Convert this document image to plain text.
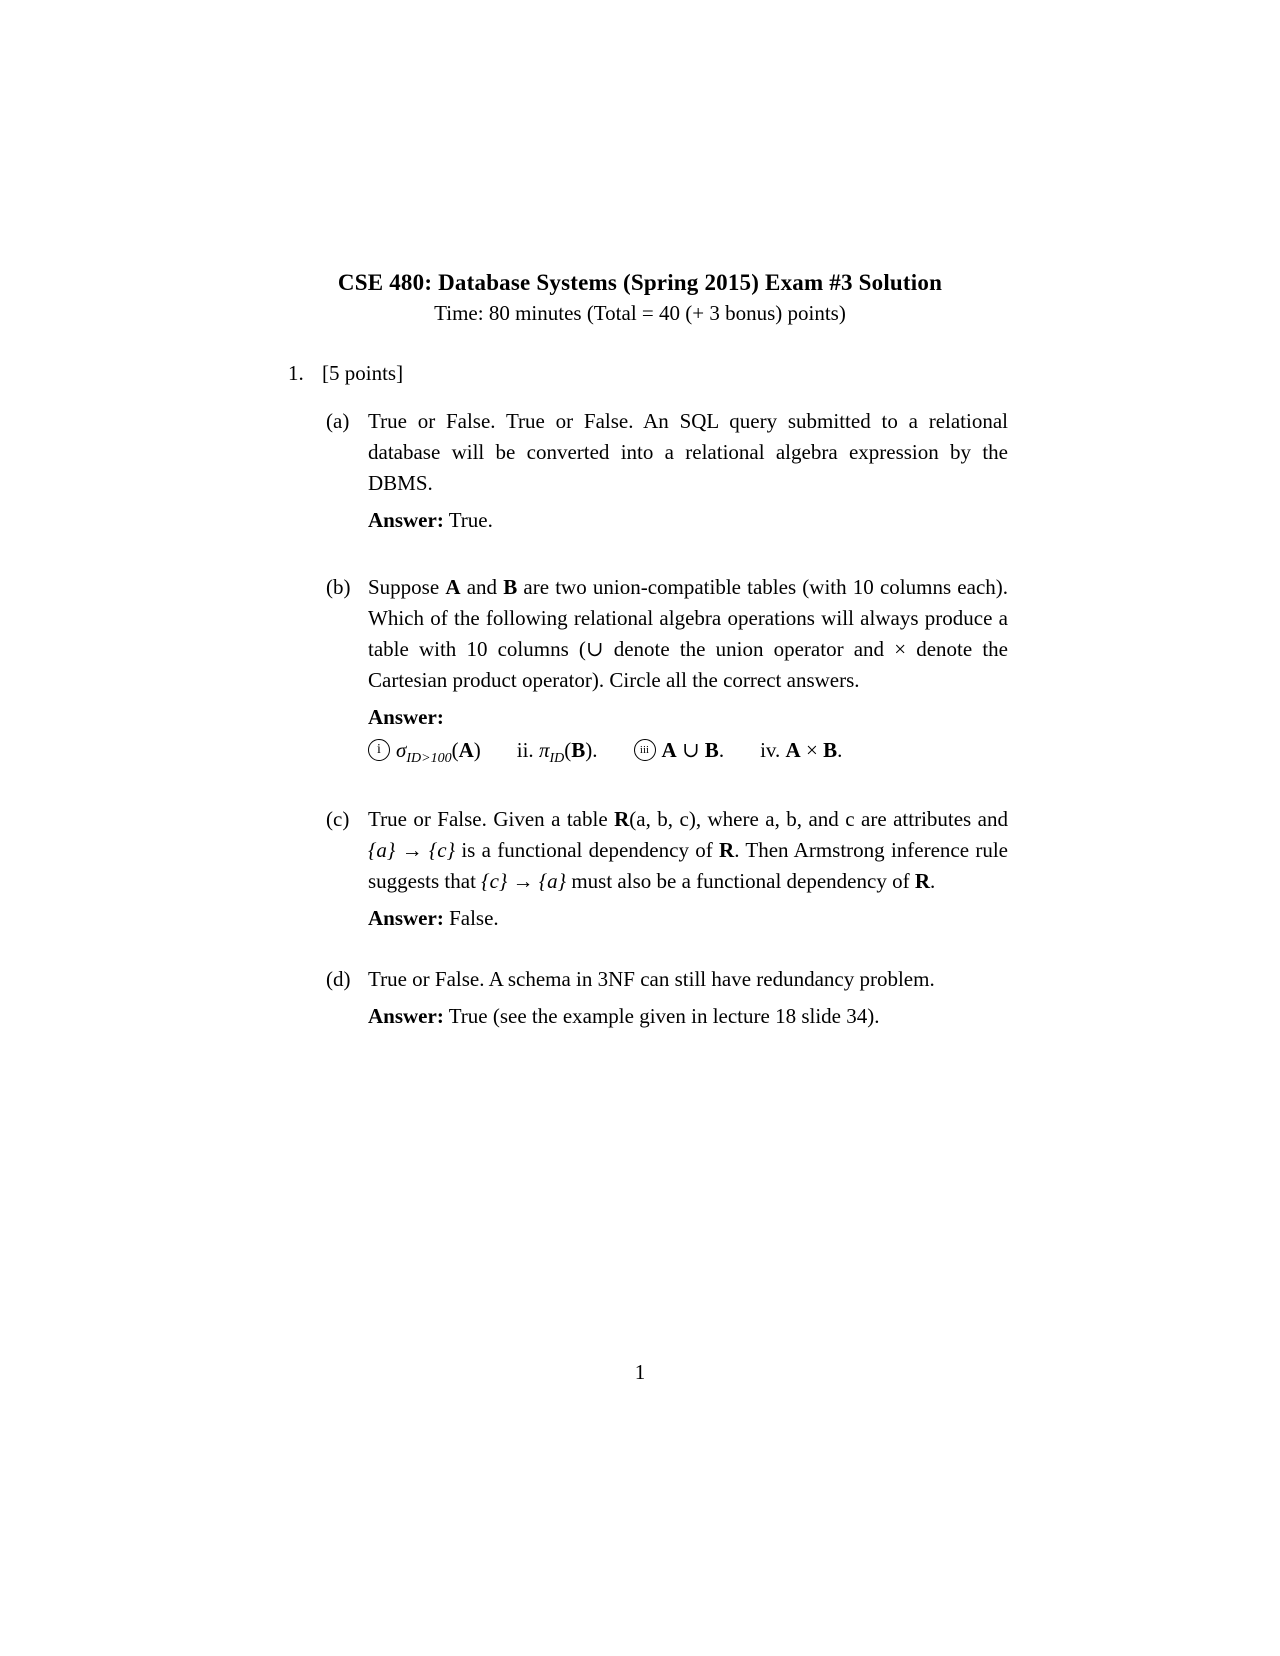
CSE 480: Database Systems (Spring 2015) Exam #3 Solution

Time: 80 minutes (Total = 40 (+ 3 bonus) points)

1. [5 points]
(a) True or False. True or False. An SQL query submitted to a relational database will be converted into a relational algebra expression by the DBMS.

Answer: True.

(b) Suppose A and B are two union-compatible tables (with 10 columns each). Which of the following relational algebra operations will always produce a table with 10 columns (∪ denote the union operator and × denote the Cartesian product operator). Circle all the correct answers.

Answer:

i $\sigma_{ID>100}(A)$ ii. $\pi_{ID}(B)$.	iii A ∪ B. iv. A × B.
(c) True or False. Given a table R(a, b, c), where a, b, and c are attributes and {a} → {c} is a functional dependency of R. Then Armstrong inference rule suggests that {c} → {a} must also be a functional dependency of R.

Answer: False.

(d) True or False. A schema in 3NF can still have redundancy problem.

Answer: True (see the example given in lecture 18 slide 34).

1
